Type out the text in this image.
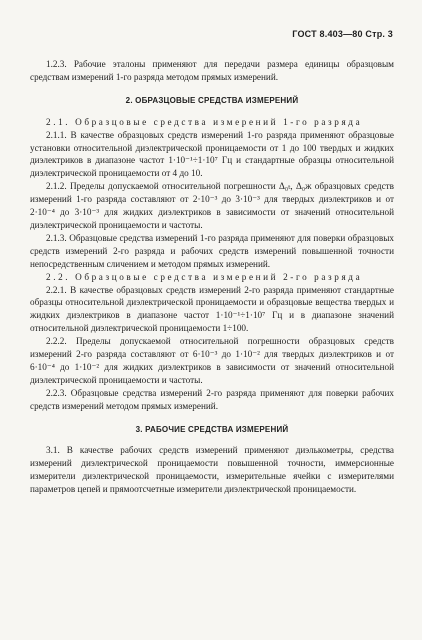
ГОСТ 8.403—80 Стр. 3
1.2.3. Рабочие эталоны применяют для передачи размера единицы образцовым средствам измерений 1-го разряда методом прямых измерений.
2. ОБРАЗЦОВЫЕ СРЕДСТВА ИЗМЕРЕНИЙ
2.1. Образцовые средства измерений 1-го разряда
2.1.1. В качестве образцовых средств измерений 1-го разряда применяют образцовые установки относительной диэлектрической проницаемости от 1 до 100 твердых и жидких диэлектриков в диапазоне частот 1·10⁻¹÷1·10⁷ Гц и стандартные образцы относительной диэлектрической проницаемости от 4 до 10.
2.1.2. Пределы допускаемой относительной погрешности Δ₀ₜ, Δ₀ж образцовых средств измерений 1-го разряда составляют от 2·10⁻³ до 3·10⁻³ для твердых диэлектриков и от 2·10⁻⁴ до 3·10⁻³ для жидких диэлектриков в зависимости от значений относительной диэлектрической проницаемости и частоты.
2.1.3. Образцовые средства измерений 1-го разряда применяют для поверки образцовых средств измерений 2-го разряда и рабочих средств измерений повышенной точности непосредственным сличением и методом прямых измерений.
2.2. Образцовые средства измерений 2-го разряда
2.2.1. В качестве образцовых средств измерений 2-го разряда применяют стандартные образцы относительной диэлектрической проницаемости и образцовые вещества твердых и жидких диэлектриков в диапазоне частот 1·10⁻¹÷1·10⁷ Гц и в диапазоне значений относительной диэлектрической проницаемости 1÷100.
2.2.2. Пределы допускаемой относительной погрешности образцовых средств измерений 2-го разряда составляют от 6·10⁻³ до 1·10⁻² для твердых диэлектриков и от 6·10⁻⁴ до 1·10⁻² для жидких диэлектриков в зависимости от значений относительной диэлектрической проницаемости и частоты.
2.2.3. Образцовые средства измерений 2-го разряда применяют для поверки рабочих средств измерений методом прямых измерений.
3. РАБОЧИЕ СРЕДСТВА ИЗМЕРЕНИЙ
3.1. В качестве рабочих средств измерений применяют диэлькометры, средства измерений диэлектрической проницаемости повышенной точности, иммерсионные измерители диэлектрической проницаемости, измерительные ячейки с измерителями параметров цепей и прямоотсчетные измерители диэлектрической проницаемости.
